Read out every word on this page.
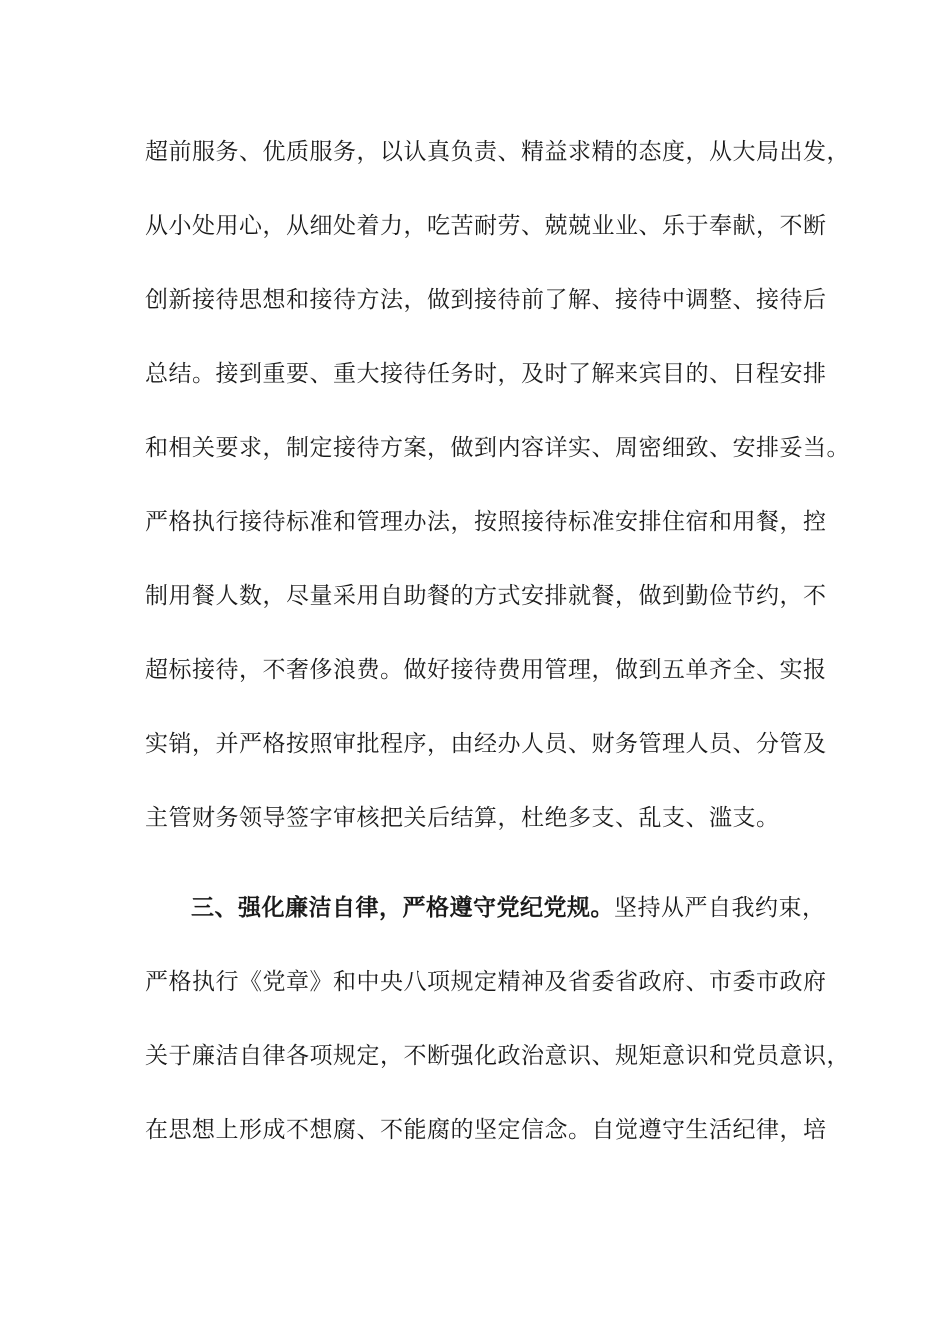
超前服务、优质服务，以认真负责、精益求精的态度，从大局出发，
从小处用心，从细处着力，吃苦耐劳、兢兢业业、乐于奉献，不断
创新接待思想和接待方法，做到接待前了解、接待中调整、接待后
总结。接到重要、重大接待任务时，及时了解来宾目的、日程安排
和相关要求，制定接待方案，做到内容详实、周密细致、安排妥当。
严格执行接待标准和管理办法，按照接待标准安排住宿和用餐，控
制用餐人数，尽量采用自助餐的方式安排就餐，做到勤俭节约，不
超标接待，不奢侈浪费。做好接待费用管理，做到五单齐全、实报
实销，并严格按照审批程序，由经办人员、财务管理人员、分管及
主管财务领导签字审核把关后结算，杜绝多支、乱支、滥支。
三、强化廉洁自律，严格遵守党纪党规。坚持从严自我约束，
严格执行《党章》和中央八项规定精神及省委省政府、市委市政府
关于廉洁自律各项规定，不断强化政治意识、规矩意识和党员意识，
在思想上形成不想腐、不能腐的坚定信念。自觉遵守生活纪律，培
